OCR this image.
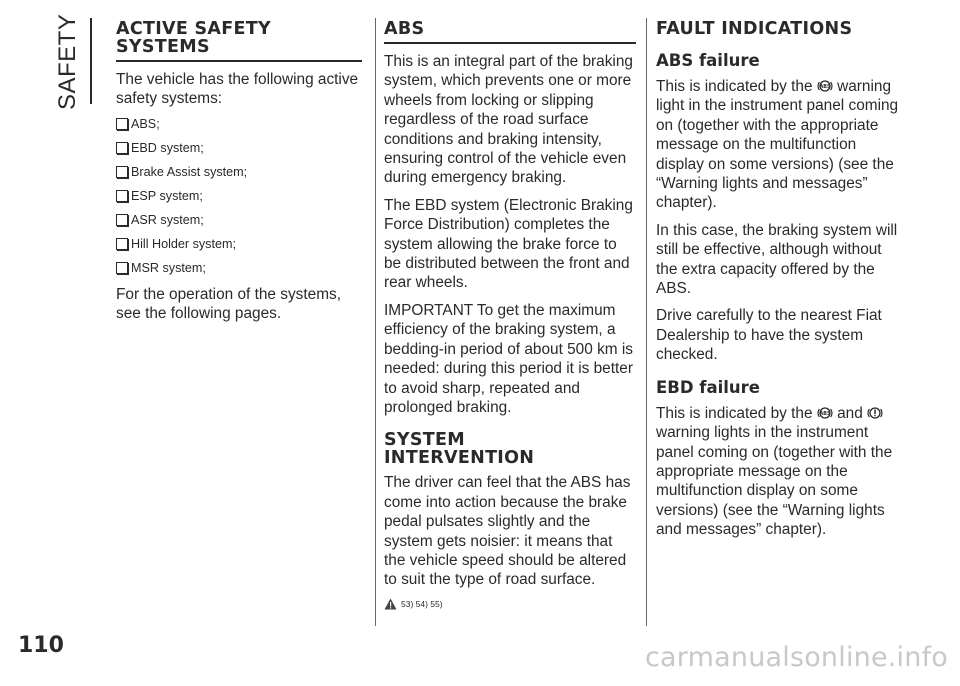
SAFETY ACTIVE SAFETY
SYSTEMS

The vehicle has the following active safety systems:

ABS;
EBD system;
Brake Assist system;
ESP system;
ASR system;
Hill Holder system;
MSR system;

For the operation of the systems, see the following pages.

ABS

This is an integral part of the braking system, which prevents one or more wheels from locking or slipping regardless of the road surface conditions and braking intensity, ensuring control of the vehicle even during emergency braking.

The EBD system (Electronic Braking Force Distribution) completes the system allowing the brake force to be distributed between the front and rear wheels.

IMPORTANT To get the maximum efficiency of the braking system, a bedding-in period of about 500 km is needed: during this period it is better to avoid sharp, repeated and prolonged braking.

SYSTEM
INTERVENTION

The driver can feel that the ABS has come into action because the brake pedal pulsates slightly and the system gets noisier: it means that the vehicle speed should be altered to suit the type of road surface.

53) 54) 55)
FAULT INDICATIONS
ABS failure

This is indicated by the ABS warning light in the instrument panel coming on (together with the appropriate message on the multifunction display on some versions) (see the “Warning lights and messages” chapter).

In this case, the braking system will still be effective, although without the extra capacity offered by the ABS.

Drive carefully to the nearest Fiat Dealership to have the system checked.

EBD failure

This is indicated by the ABS and  warning lights in the instrument panel coming on (together with the appropriate message on the multifunction display on some versions) (see the “Warning lights and messages” chapter).

110	carmanualsonline.info
